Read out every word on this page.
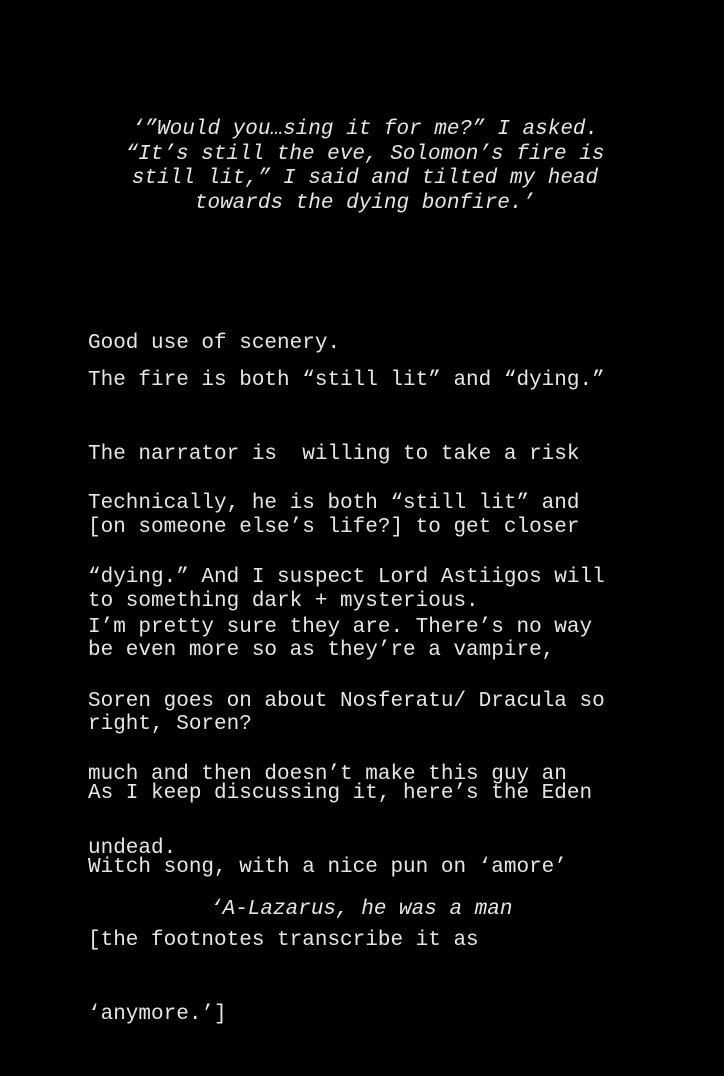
‘”Would you…sing it for me?” I asked.
“It’s still the eve, Solomon’s fire is
still lit,” I said and tilted my head
towards the dying bonfire.’

Good use of scenery.

The fire is both “still lit” and “dying.”

The narrator is  willing to take a risk

[on someone else’s life?] to get closer

to something dark + mysterious.

Technically, he is both “still lit” and

“dying.” And I suspect Lord Astiigos will

be even more so as they’re a vampire,

right, Soren?

I’m pretty sure they are. There’s no way

Soren goes on about Nosferatu/ Dracula so

much and then doesn’t make this guy an

undead.

As I keep discussing it, here’s the Eden

Witch song, with a nice pun on ‘amore’

[the footnotes transcribe it as

‘anymore.’]

‘A-Lazarus, he was a man
